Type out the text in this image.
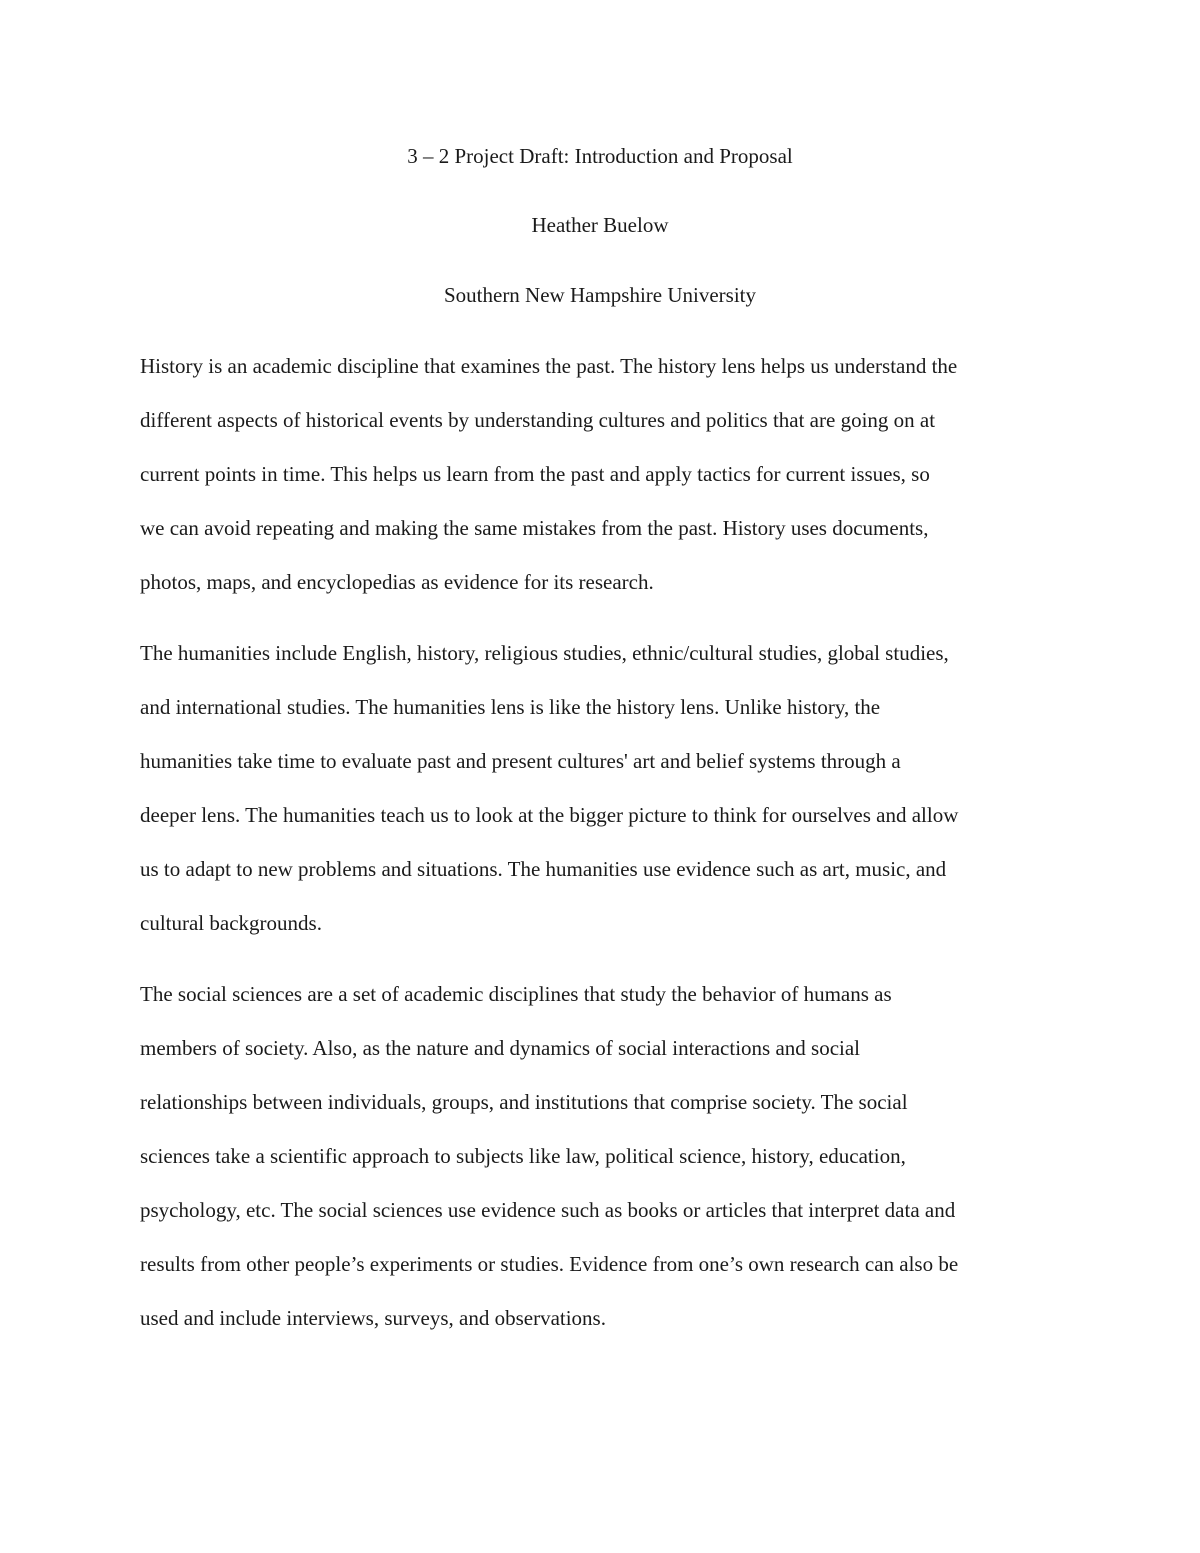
3 – 2 Project Draft: Introduction and Proposal

Heather Buelow

Southern New Hampshire University

History is an academic discipline that examines the past. The history lens helps us understand the

different aspects of historical events by understanding cultures and politics that are going on at

current points in time. This helps us learn from the past and apply tactics for current issues, so

we can avoid repeating and making the same mistakes from the past. History uses documents,

photos, maps, and encyclopedias as evidence for its research.

The humanities include English, history, religious studies, ethnic/cultural studies, global studies,

and international studies. The humanities lens is like the history lens. Unlike history, the

humanities take time to evaluate past and present cultures' art and belief systems through a

deeper lens. The humanities teach us to look at the bigger picture to think for ourselves and allow

us to adapt to new problems and situations. The humanities use evidence such as art, music, and

cultural backgrounds.

The social sciences are a set of academic disciplines that study the behavior of humans as

members of society. Also, as the nature and dynamics of social interactions and social

relationships between individuals, groups, and institutions that comprise society. The social

sciences take a scientific approach to subjects like law, political science, history, education,

psychology, etc. The social sciences use evidence such as books or articles that interpret data and

results from other people’s experiments or studies. Evidence from one’s own research can also be

used and include interviews, surveys, and observations.
